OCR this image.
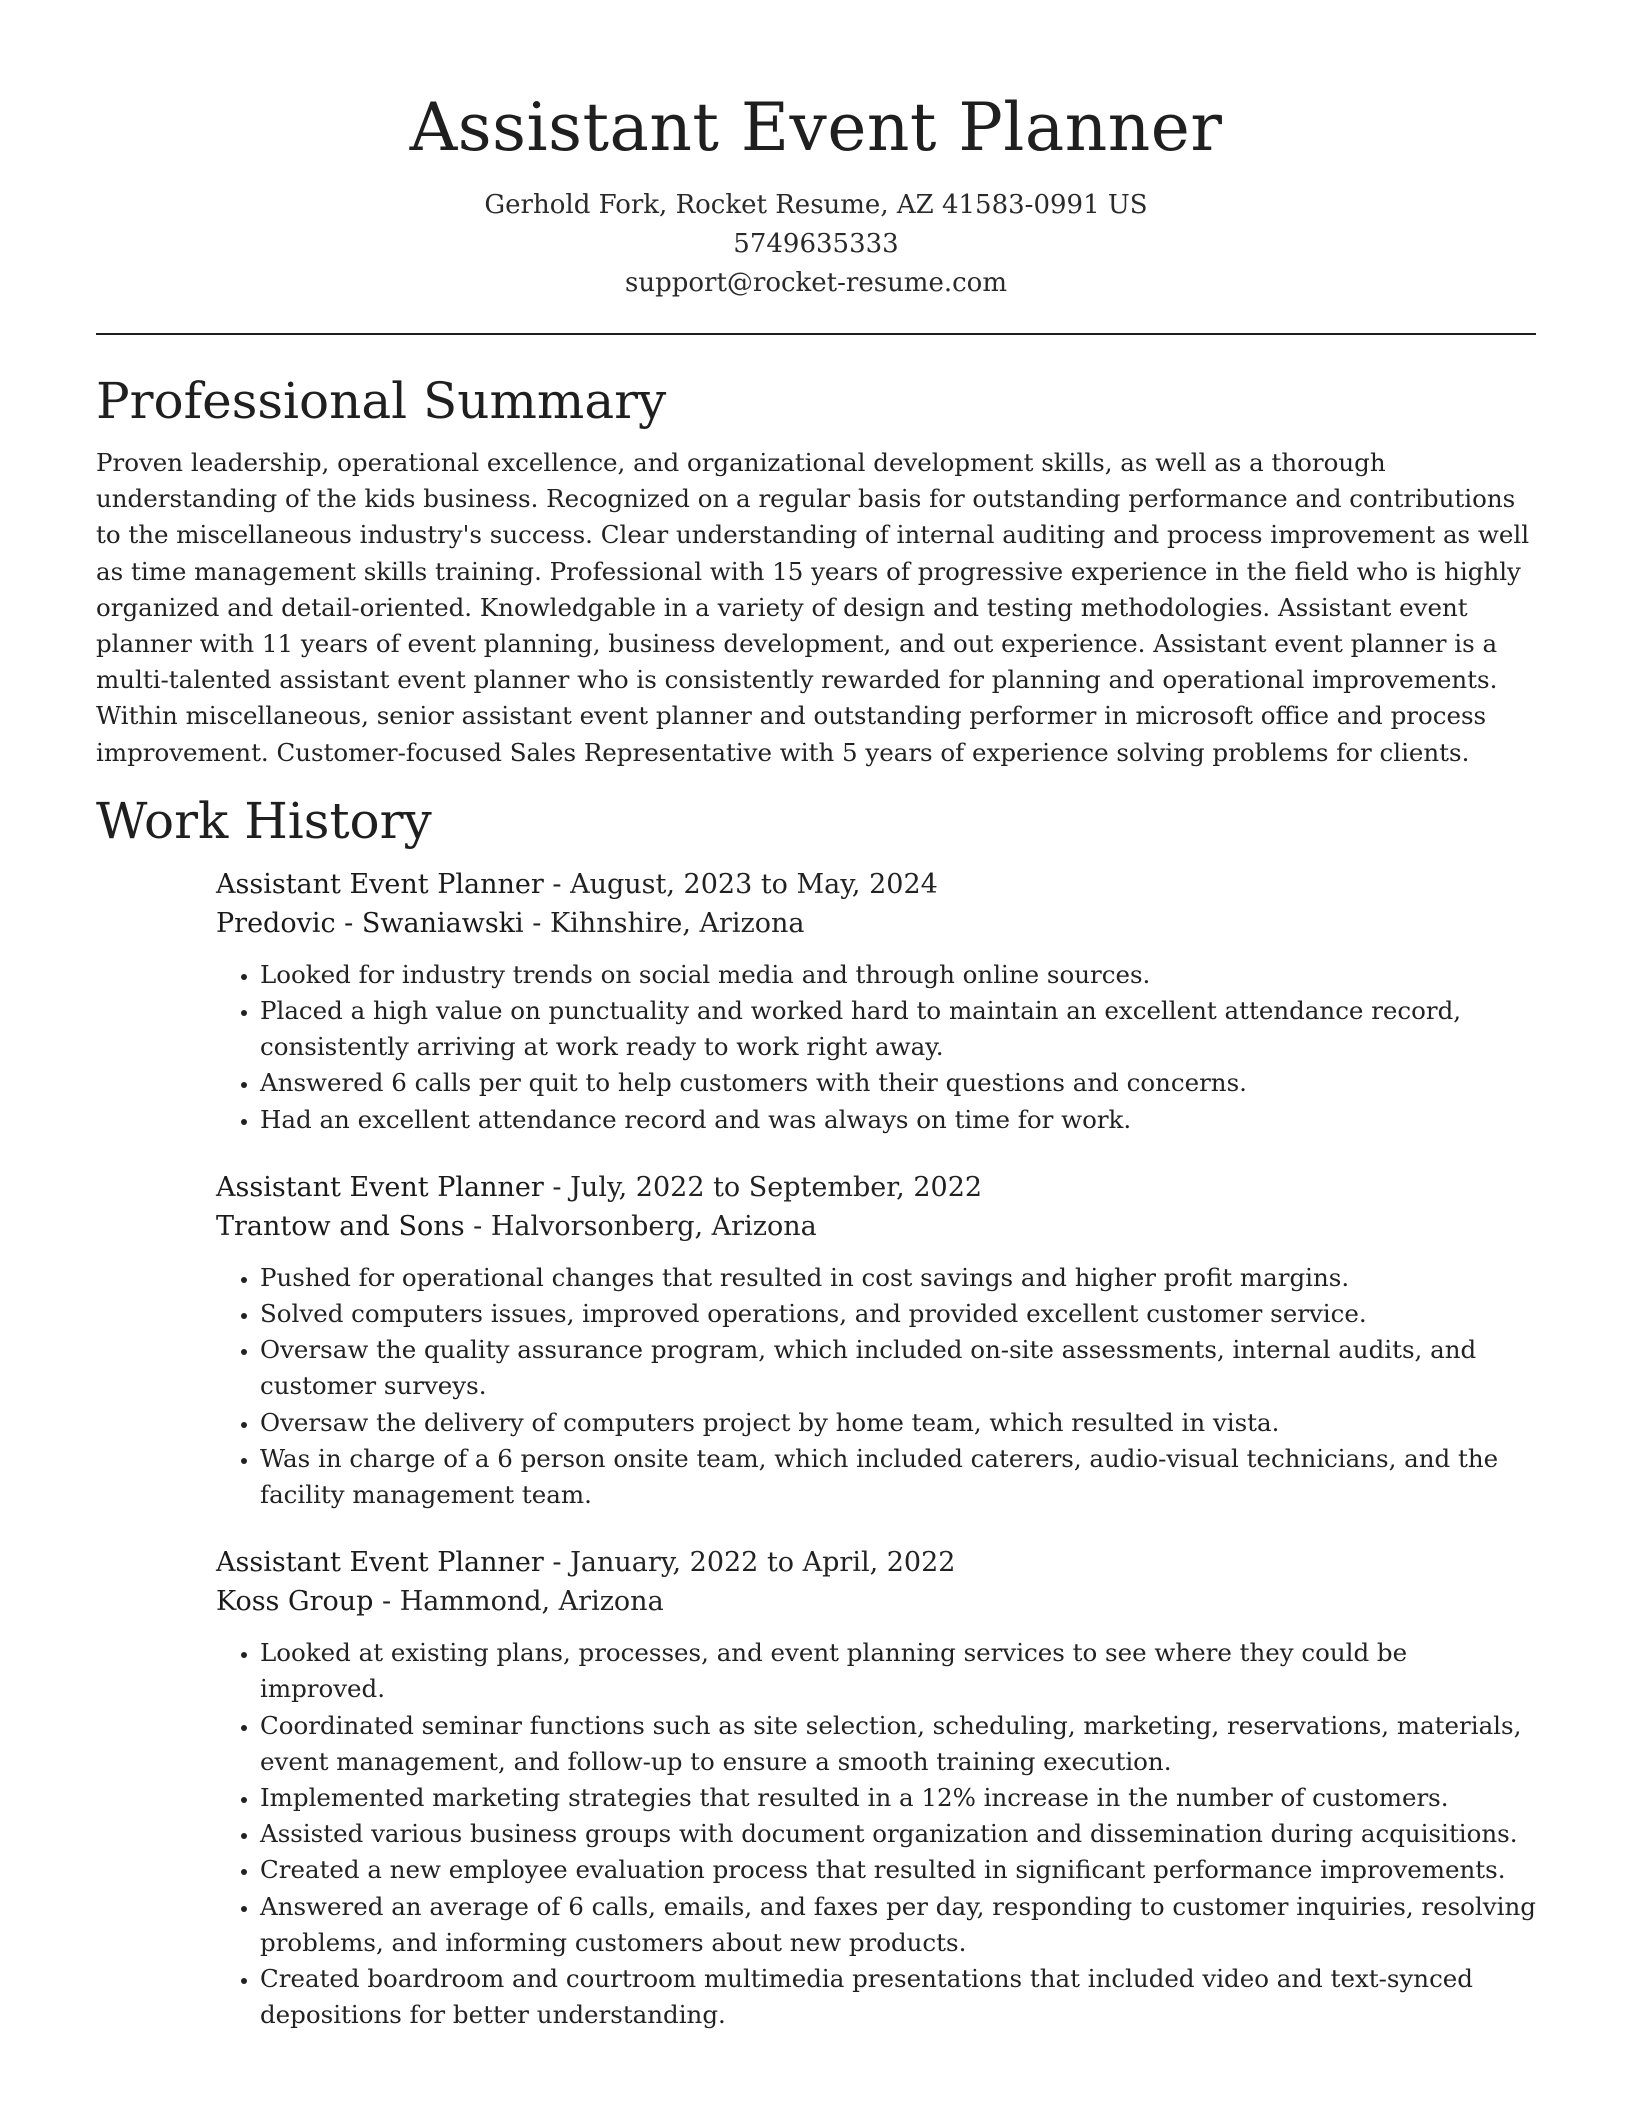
Assistant Event Planner
Gerhold Fork, Rocket Resume, AZ 41583-0991 US
5749635333
support@rocket-resume.com
Professional Summary

Proven leadership, operational excellence, and organizational development skills, as well as a thorough understanding of the kids business. Recognized on a regular basis for outstanding performance and contributions to the miscellaneous industry's success. Clear understanding of internal auditing and process improvement as well as time management skills training. Professional with 15 years of progressive experience in the field who is highly organized and detail-oriented. Knowledgable in a variety of design and testing methodologies. Assistant event planner with 11 years of event planning, business development, and out experience. Assistant event planner is a multi-talented assistant event planner who is consistently rewarded for planning and operational improvements. Within miscellaneous, senior assistant event planner and outstanding performer in microsoft office and process improvement. Customer-focused Sales Representative with 5 years of experience solving problems for clients.

Work History
Assistant Event Planner - August, 2023 to May, 2024
Predovic - Swaniawski - Kihnshire, Arizona
• Looked for industry trends on social media and through online sources.
• Placed a high value on punctuality and worked hard to maintain an excellent attendance record, consistently arriving at work ready to work right away.
• Answered 6 calls per quit to help customers with their questions and concerns.
• Had an excellent attendance record and was always on time for work.
Assistant Event Planner - July, 2022 to September, 2022
Trantow and Sons - Halvorsonberg, Arizona
• Pushed for operational changes that resulted in cost savings and higher profit margins.
• Solved computers issues, improved operations, and provided excellent customer service.
• Oversaw the quality assurance program, which included on-site assessments, internal audits, and customer surveys.
• Oversaw the delivery of computers project by home team, which resulted in vista.
• Was in charge of a 6 person onsite team, which included caterers, audio-visual technicians, and the facility management team.
Assistant Event Planner - January, 2022 to April, 2022
Koss Group - Hammond, Arizona
• Looked at existing plans, processes, and event planning services to see where they could be improved.
• Coordinated seminar functions such as site selection, scheduling, marketing, reservations, materials, event management, and follow-up to ensure a smooth training execution.
• Implemented marketing strategies that resulted in a 12% increase in the number of customers.
• Assisted various business groups with document organization and dissemination during acquisitions.
• Created a new employee evaluation process that resulted in significant performance improvements.
• Answered an average of 6 calls, emails, and faxes per day, responding to customer inquiries, resolving problems, and informing customers about new products.
• Created boardroom and courtroom multimedia presentations that included video and text-synced depositions for better understanding.
